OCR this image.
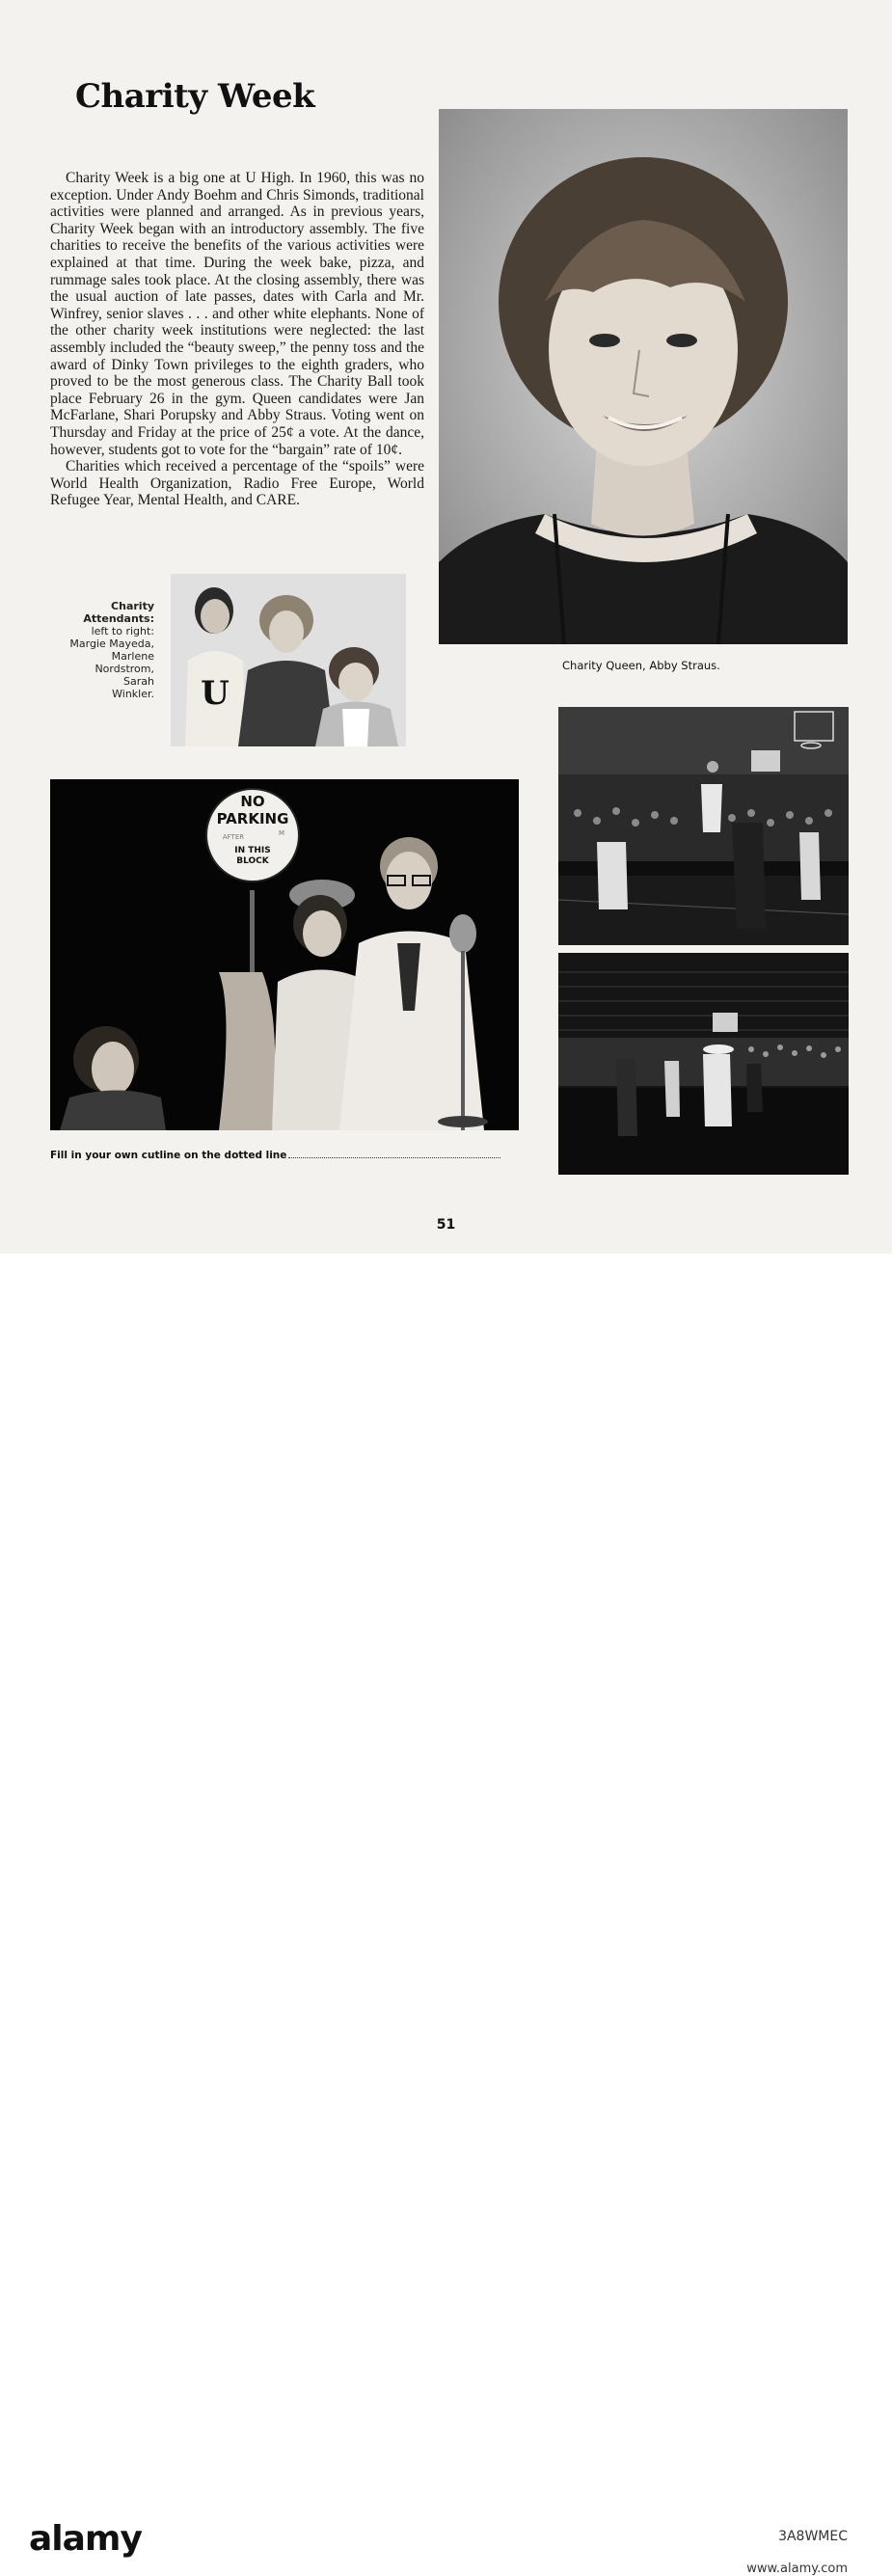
Charity Week

Charity Week is a big one at U High. In 1960, this was no exception. Under Andy Boehm and Chris Simonds, traditional activities were planned and arranged. As in previous years, Charity Week began with an introductory assembly. The five charities to receive the benefits of the various activities were explained at that time. During the week bake, pizza, and rummage sales took place. At the closing assembly, there was the usual auction of late passes, dates with Carla and Mr. Winfrey, senior slaves . . . and other white elephants. None of the other charity week institutions were neglected: the last assembly included the “beauty sweep,” the penny toss and the award of Dinky Town privileges to the eighth graders, who proved to be the most generous class. The Charity Ball took place February 26 in the gym. Queen candidates were Jan McFarlane, Shari Porupsky and Abby Straus. Voting went on Thursday and Friday at the price of 25¢ a vote. At the dance, however, students got to vote for the “bargain” rate of 10¢.

Charities which received a percentage of the “spoils” were World Health Organization, Radio Free Europe, World Refugee Year, Mental Health, and CARE.

Charity Queen, Abby Straus.

Charity Attendants:
left to right:
Margie Mayeda,
Marlene
Nordstrom,
Sarah
Winkler. U
NO
PARKING
AFTER	M
IN THIS
BLOCK

Fill in your own cutline on the dotted line

51

alamy	3A8WMEC
www.alamy.com
